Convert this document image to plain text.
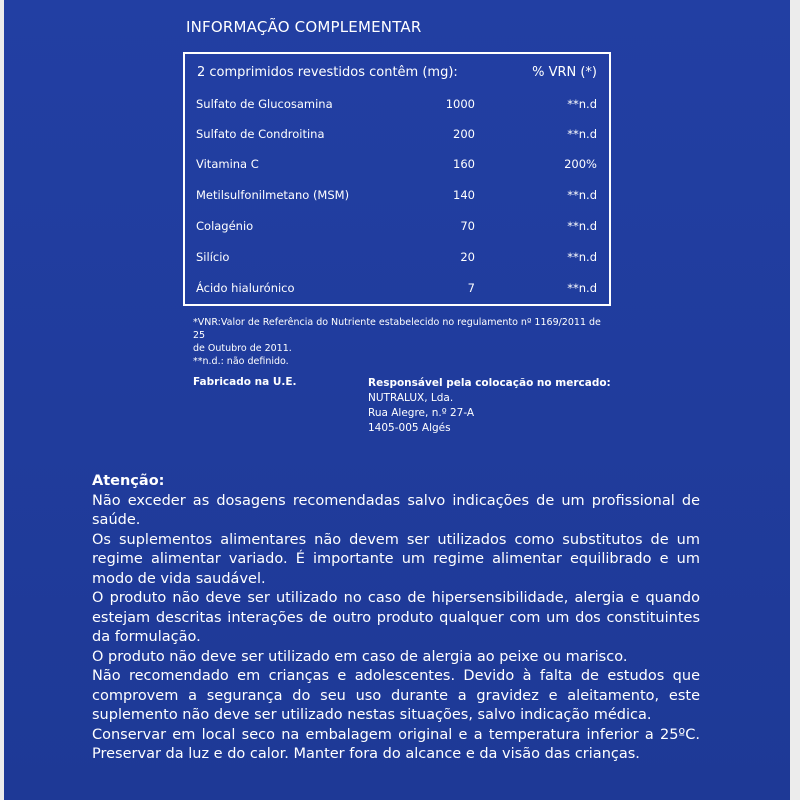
INFORMAÇÃO COMPLEMENTAR
2 comprimidos revestidos contêm (mg):	% VRN (*)
Sulfato de Glucosamina	1000	**n.d
Sulfato de Condroitina	200	**n.d
Vitamina C	160	200%
Metilsulfonilmetano (MSM)	140	**n.d
Colagénio	70	**n.d
Silício	20	**n.d
Ácido hialurónico	7	**n.d
*VNR:Valor de Referência do Nutriente estabelecido no regulamento nº 1169/2011 de 25
de Outubro de 2011.
**n.d.: não definido.
Fabricado na U.E.	Responsável pela colocação no mercado:
NUTRALUX, Lda.
Rua Alegre, n.º 27-A
1405-005 Algés
Atenção:

Não exceder as dosagens recomendadas salvo indicações de um profissional de saúde.

Os suplementos alimentares não devem ser utilizados como substitutos de um regime alimentar variado. É importante um regime alimentar equilibrado e um modo de vida saudável.

O produto não deve ser utilizado no caso de hipersensibilidade, alergia e quando estejam descritas interações de outro produto qualquer com um dos constituintes da formulação.

O produto não deve ser utilizado em caso de alergia ao peixe ou marisco.

Não recomendado em crianças e adolescentes. Devido à falta de estudos que comprovem a segurança do seu uso durante a gravidez e aleitamento, este suplemento não deve ser utilizado nestas situações, salvo indicação médica.

Conservar em local seco na embalagem original e a temperatura inferior a 25ºC. Preservar da luz e do calor. Manter fora do alcance e da visão das crianças.
